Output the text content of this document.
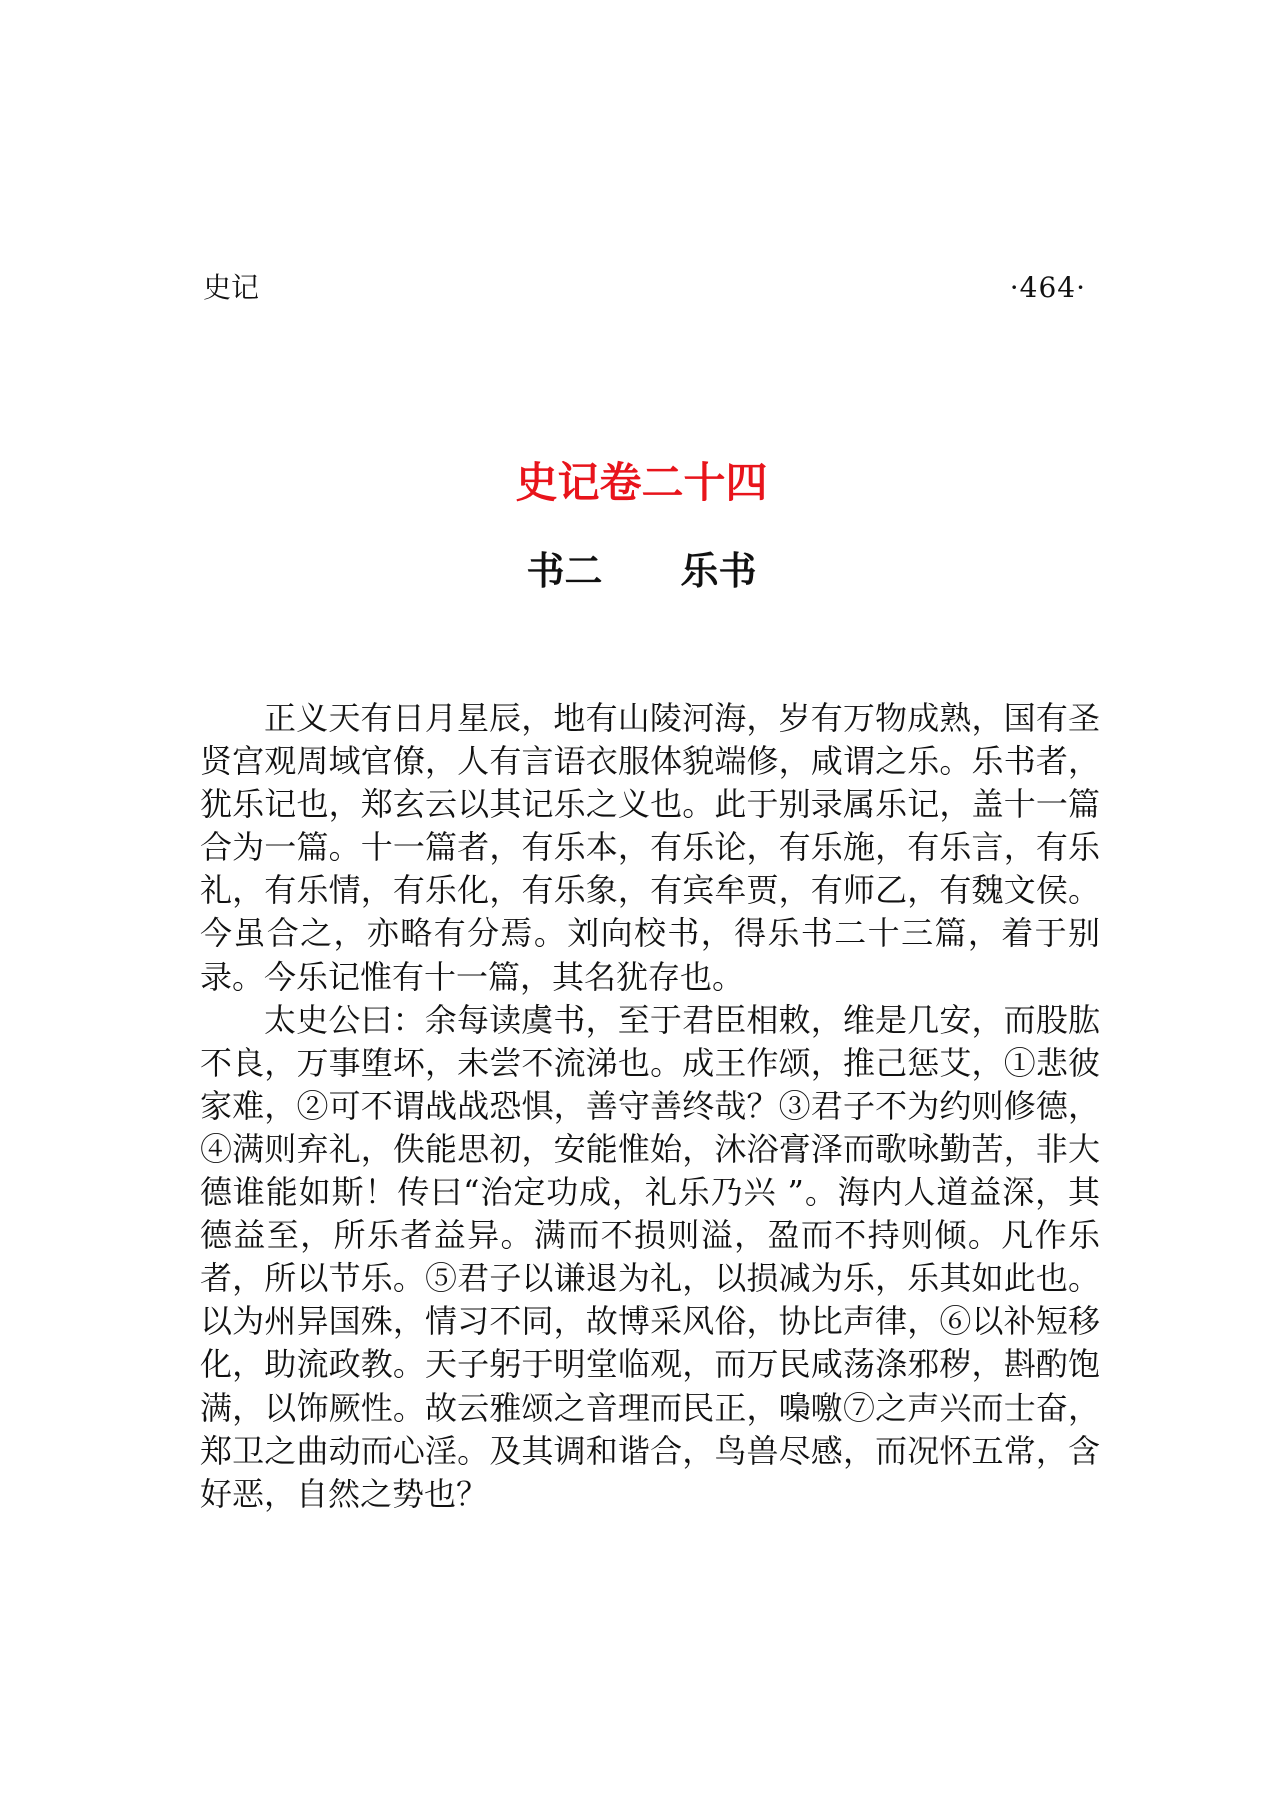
史记	·464·
史记卷二十四
书二 乐书

正义天有日月星辰，地有山陵河海，岁有万物成熟，国有圣贤宫观周域官僚，人有言语衣服体貌端修，咸谓之乐。乐书者，犹乐记也，郑玄云以其记乐之义也。此于别录属乐记，盖十一篇合为一篇。十一篇者，有乐本，有乐论，有乐施，有乐言，有乐礼，有乐情，有乐化，有乐象，有宾牟贾，有师乙，有魏文侯。今虽合之，亦略有分焉。刘向校书，得乐书二十三篇，着于别录。今乐记惟有十一篇，其名犹存也。

太史公曰：余每读虞书，至于君臣相敕，维是几安，而股肱不良，万事堕坏，未尝不流涕也。成王作颂，推己惩艾，①悲彼家难，②可不谓战战恐惧，善守善终哉？③君子不为约则修德，④满则弃礼，佚能思初，安能惟始，沐浴膏泽而歌咏勤苦，非大德谁能如斯！传曰“治定功成，礼乐乃兴 ”。海内人道益深，其德益至，所乐者益异。满而不损则溢，盈而不持则倾。凡作乐者，所以节乐。⑤君子以谦退为礼，以损减为乐，乐其如此也。以为州异国殊，情习不同，故博采风俗，协比声律，⑥以补短移化，助流政教。天子躬于明堂临观，而万民咸荡涤邪秽，斟酌饱满，以饰厥性。故云雅颂之音理而民正，嘄噭⑦之声兴而士奋，郑卫之曲动而心淫。及其调和谐合，鸟兽尽感，而况怀五常，含好恶，自然之势也？
